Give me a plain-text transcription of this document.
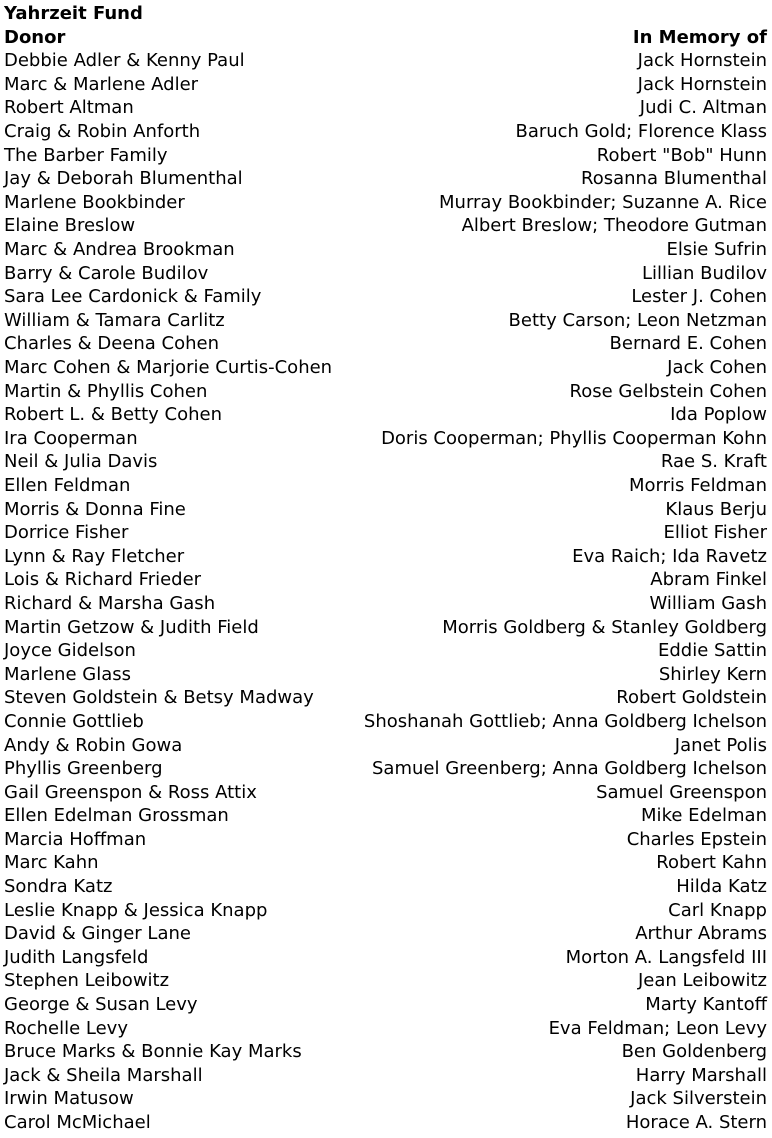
Yahrzeit Fund
Donor	In Memory of
Debbie Adler & Kenny Paul	Jack Hornstein
Marc & Marlene Adler	Jack Hornstein
Robert Altman	Judi C. Altman
Craig & Robin Anforth	Baruch Gold; Florence Klass
The Barber Family	Robert "Bob" Hunn
Jay & Deborah Blumenthal	Rosanna Blumenthal
Marlene Bookbinder	Murray Bookbinder; Suzanne A. Rice
Elaine Breslow	Albert Breslow; Theodore Gutman
Marc & Andrea Brookman	Elsie Sufrin
Barry & Carole Budilov	Lillian Budilov
Sara Lee Cardonick & Family	Lester J. Cohen
William & Tamara Carlitz	Betty Carson; Leon Netzman
Charles & Deena Cohen	Bernard E. Cohen
Marc Cohen & Marjorie Curtis-Cohen	Jack Cohen
Martin & Phyllis Cohen	Rose Gelbstein Cohen
Robert L. & Betty Cohen	Ida Poplow
Ira Cooperman	Doris Cooperman; Phyllis Cooperman Kohn
Neil & Julia Davis	Rae S. Kraft
Ellen Feldman	Morris Feldman
Morris & Donna Fine	Klaus Berju
Dorrice Fisher	Elliot Fisher
Lynn & Ray Fletcher	Eva Raich; Ida Ravetz
Lois & Richard Frieder	Abram Finkel
Richard & Marsha Gash	William Gash
Martin Getzow & Judith Field	Morris Goldberg & Stanley Goldberg
Joyce Gidelson	Eddie Sattin
Marlene Glass	Shirley Kern
Steven Goldstein & Betsy Madway	Robert Goldstein
Connie Gottlieb	Shoshanah Gottlieb; Anna Goldberg Ichelson
Andy & Robin Gowa	Janet Polis
Phyllis Greenberg	Samuel Greenberg; Anna Goldberg Ichelson
Gail Greenspon & Ross Attix	Samuel Greenspon
Ellen Edelman Grossman	Mike Edelman
Marcia Hoffman	Charles Epstein
Marc Kahn	Robert Kahn
Sondra Katz	Hilda Katz
Leslie Knapp & Jessica Knapp	Carl Knapp
David & Ginger Lane	Arthur Abrams
Judith Langsfeld	Morton A. Langsfeld III
Stephen Leibowitz	Jean Leibowitz
George & Susan Levy	Marty Kantoff
Rochelle Levy	Eva Feldman; Leon Levy
Bruce Marks & Bonnie Kay Marks	Ben Goldenberg
Jack & Sheila Marshall	Harry Marshall
Irwin Matusow	Jack Silverstein
Carol McMichael	Horace A. Stern
